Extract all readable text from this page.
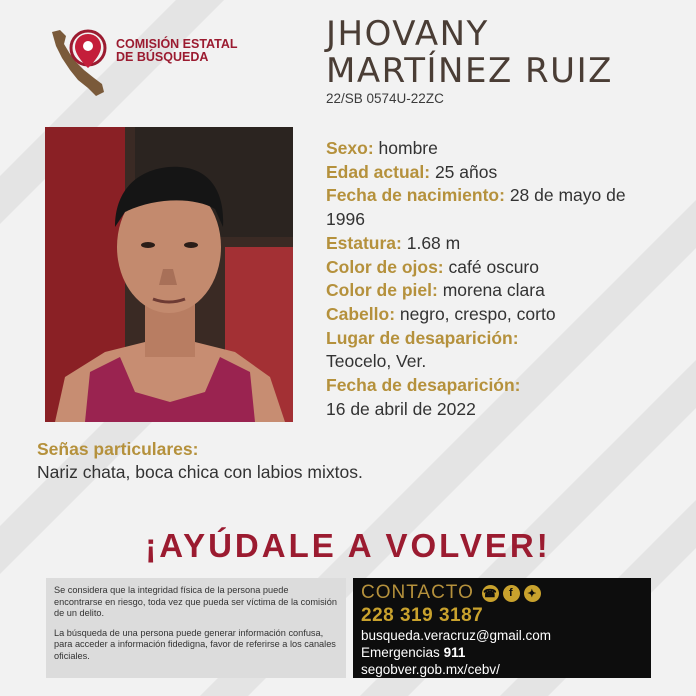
COMISIÓN ESTATAL
DE BÚSQUEDA
JHOVANY
MARTÍNEZ RUIZ
22/SB 0574U-22ZC
Sexo: hombre
Edad actual: 25 años
Fecha de nacimiento: 28 de mayo de 1996
Estatura: 1.68 m
Color de ojos: café oscuro
Color de piel: morena clara
Cabello: negro, crespo, corto
Lugar de desaparición:
Teocelo, Ver.
Fecha de desaparición:
16 de abril de 2022
Señas particulares:
Nariz chata, boca chica con labios mixtos.
¡AYÚDALE A VOLVER!

Se considera que la integridad física de la persona puede encontrarse en riesgo, toda vez que pueda ser víctima de la comisión de un delito.

La búsqueda de una persona puede generar información confusa, para acceder a información fidedigna, favor de referirse a los canales oficiales.

CONTACTO ☎	f	✦
228 319 3187
busqueda.veracruz@gmail.com
Emergencias 911
segobver.gob.mx/cebv/
